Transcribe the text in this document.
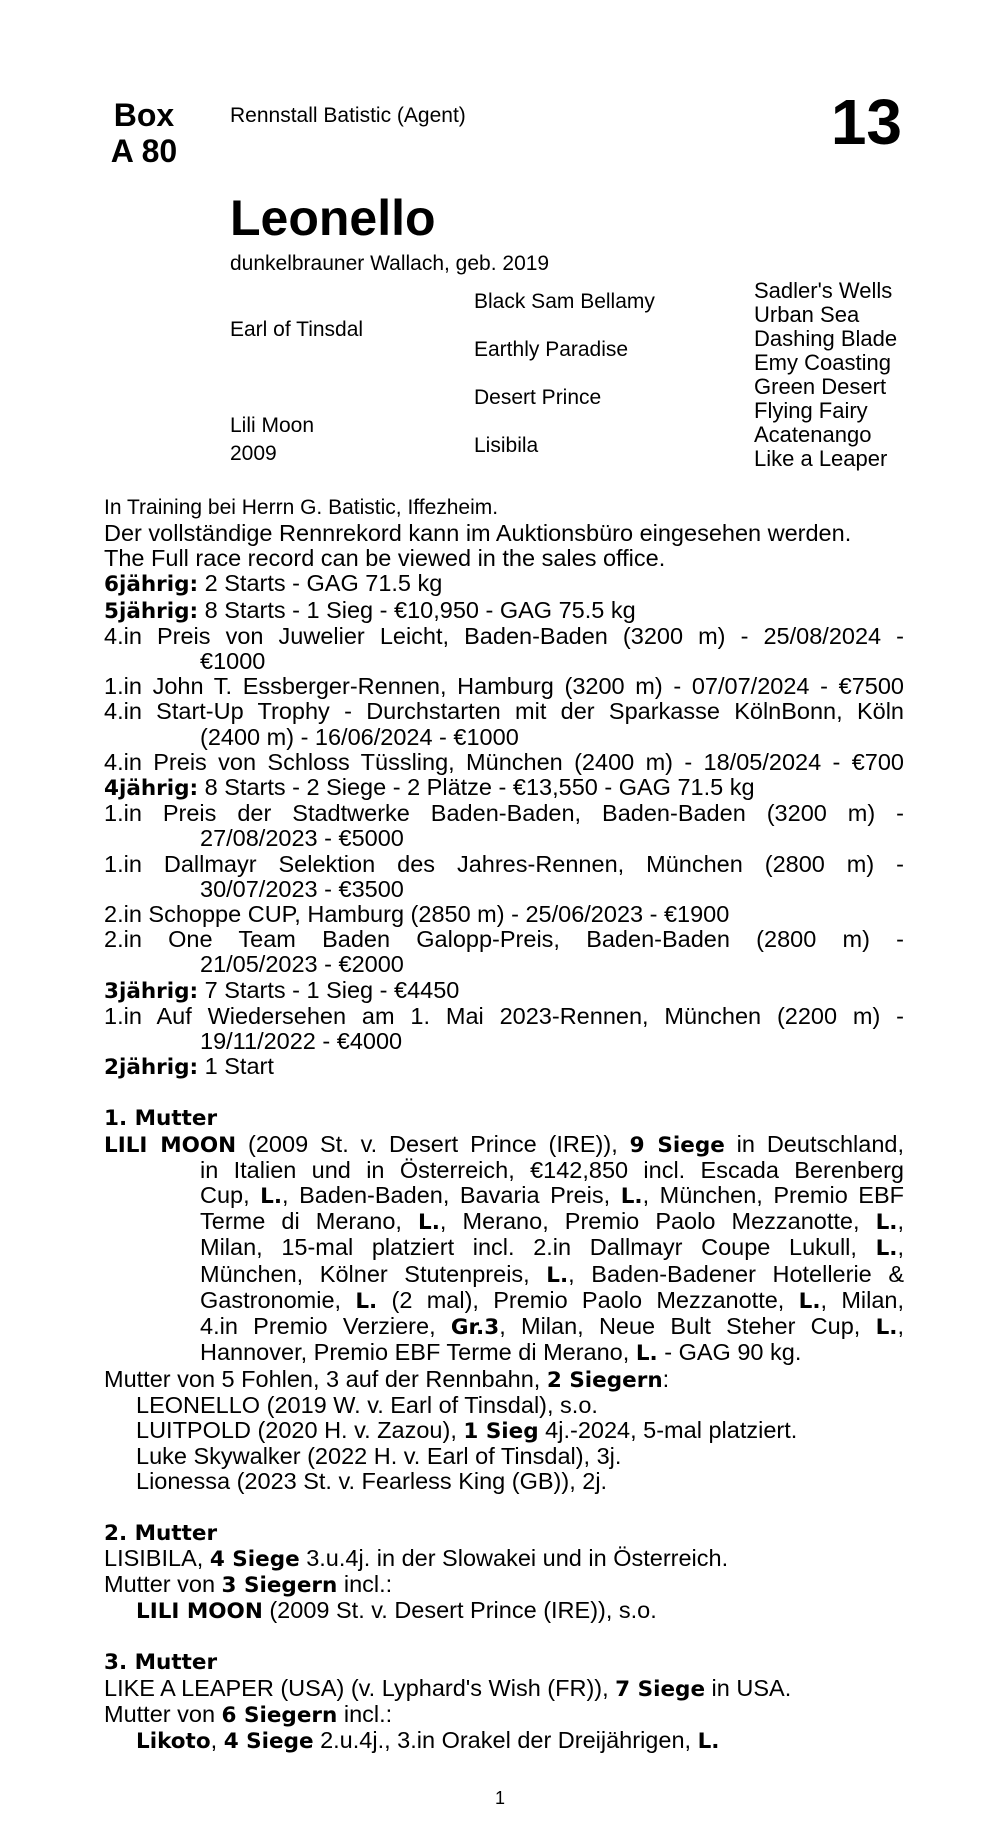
Box
A 80
Rennstall Batistic (Agent)	13
Leonello
dunkelbrauner Wallach, geb. 2019
Earl of Tinsdal
Lili Moon
2009
Black Sam Bellamy
Earthly Paradise
Desert Prince
Lisibila
Sadler's Wells
Urban Sea
Dashing Blade
Emy Coasting
Green Desert
Flying Fairy
Acatenango
Like a Leaper
In Training bei Herrn G. Batistic, Iffezheim.
Der vollständige Rennrekord kann im Auktionsbüro eingesehen werden.
The Full race record can be viewed in the sales office.
6jährig: 2 Starts - GAG 71.5 kg
5jährig: 8 Starts - 1 Sieg - €10,950 - GAG 75.5 kg
4.in Preis von Juwelier Leicht, Baden-Baden (3200 m) - 25/08/2024 -
€1000
1.in John T. Essberger-Rennen, Hamburg (3200 m) - 07/07/2024 - €7500
4.in Start-Up Trophy - Durchstarten mit der Sparkasse KölnBonn, Köln
(2400 m) - 16/06/2024 - €1000
4.in Preis von Schloss Tüssling, München (2400 m) - 18/05/2024 - €700
4jährig: 8 Starts - 2 Siege - 2 Plätze - €13,550 - GAG 71.5 kg
1.in Preis der Stadtwerke Baden-Baden, Baden-Baden (3200 m) -
27/08/2023 - €5000
1.in Dallmayr Selektion des Jahres-Rennen, München (2800 m) -
30/07/2023 - €3500
2.in Schoppe CUP, Hamburg (2850 m) - 25/06/2023 - €1900
2.in One Team Baden Galopp-Preis, Baden-Baden (2800 m) -
21/05/2023 - €2000
3jährig: 7 Starts - 1 Sieg - €4450
1.in Auf Wiedersehen am 1. Mai 2023-Rennen, München (2200 m) -
19/11/2022 - €4000
2jährig: 1 Start
1. Mutter
LILI MOON (2009 St. v. Desert Prince (IRE)), 9 Siege in Deutschland,
in Italien und in Österreich, €142,850 incl. Escada Berenberg
Cup, L., Baden-Baden, Bavaria Preis, L., München, Premio EBF
Terme di Merano, L., Merano, Premio Paolo Mezzanotte, L.,
Milan, 15-mal platziert incl. 2.in Dallmayr Coupe Lukull, L.,
München, Kölner Stutenpreis, L., Baden-Badener Hotellerie &
Gastronomie, L. (2 mal), Premio Paolo Mezzanotte, L., Milan,
4.in Premio Verziere, Gr.3, Milan, Neue Bult Steher Cup, L.,
Hannover, Premio EBF Terme di Merano, L. - GAG 90 kg.
Mutter von 5 Fohlen, 3 auf der Rennbahn, 2 Siegern:
LEONELLO (2019 W. v. Earl of Tinsdal), s.o.
LUITPOLD (2020 H. v. Zazou), 1 Sieg 4j.-2024, 5-mal platziert.
Luke Skywalker (2022 H. v. Earl of Tinsdal), 3j.
Lionessa (2023 St. v. Fearless King (GB)), 2j.
2. Mutter
LISIBILA, 4 Siege 3.u.4j. in der Slowakei und in Österreich.
Mutter von 3 Siegern incl.:
LILI MOON (2009 St. v. Desert Prince (IRE)), s.o.
3. Mutter
LIKE A LEAPER (USA) (v. Lyphard's Wish (FR)), 7 Siege in USA.
Mutter von 6 Siegern incl.:
Likoto, 4 Siege 2.u.4j., 3.in Orakel der Dreijährigen, L.
1
